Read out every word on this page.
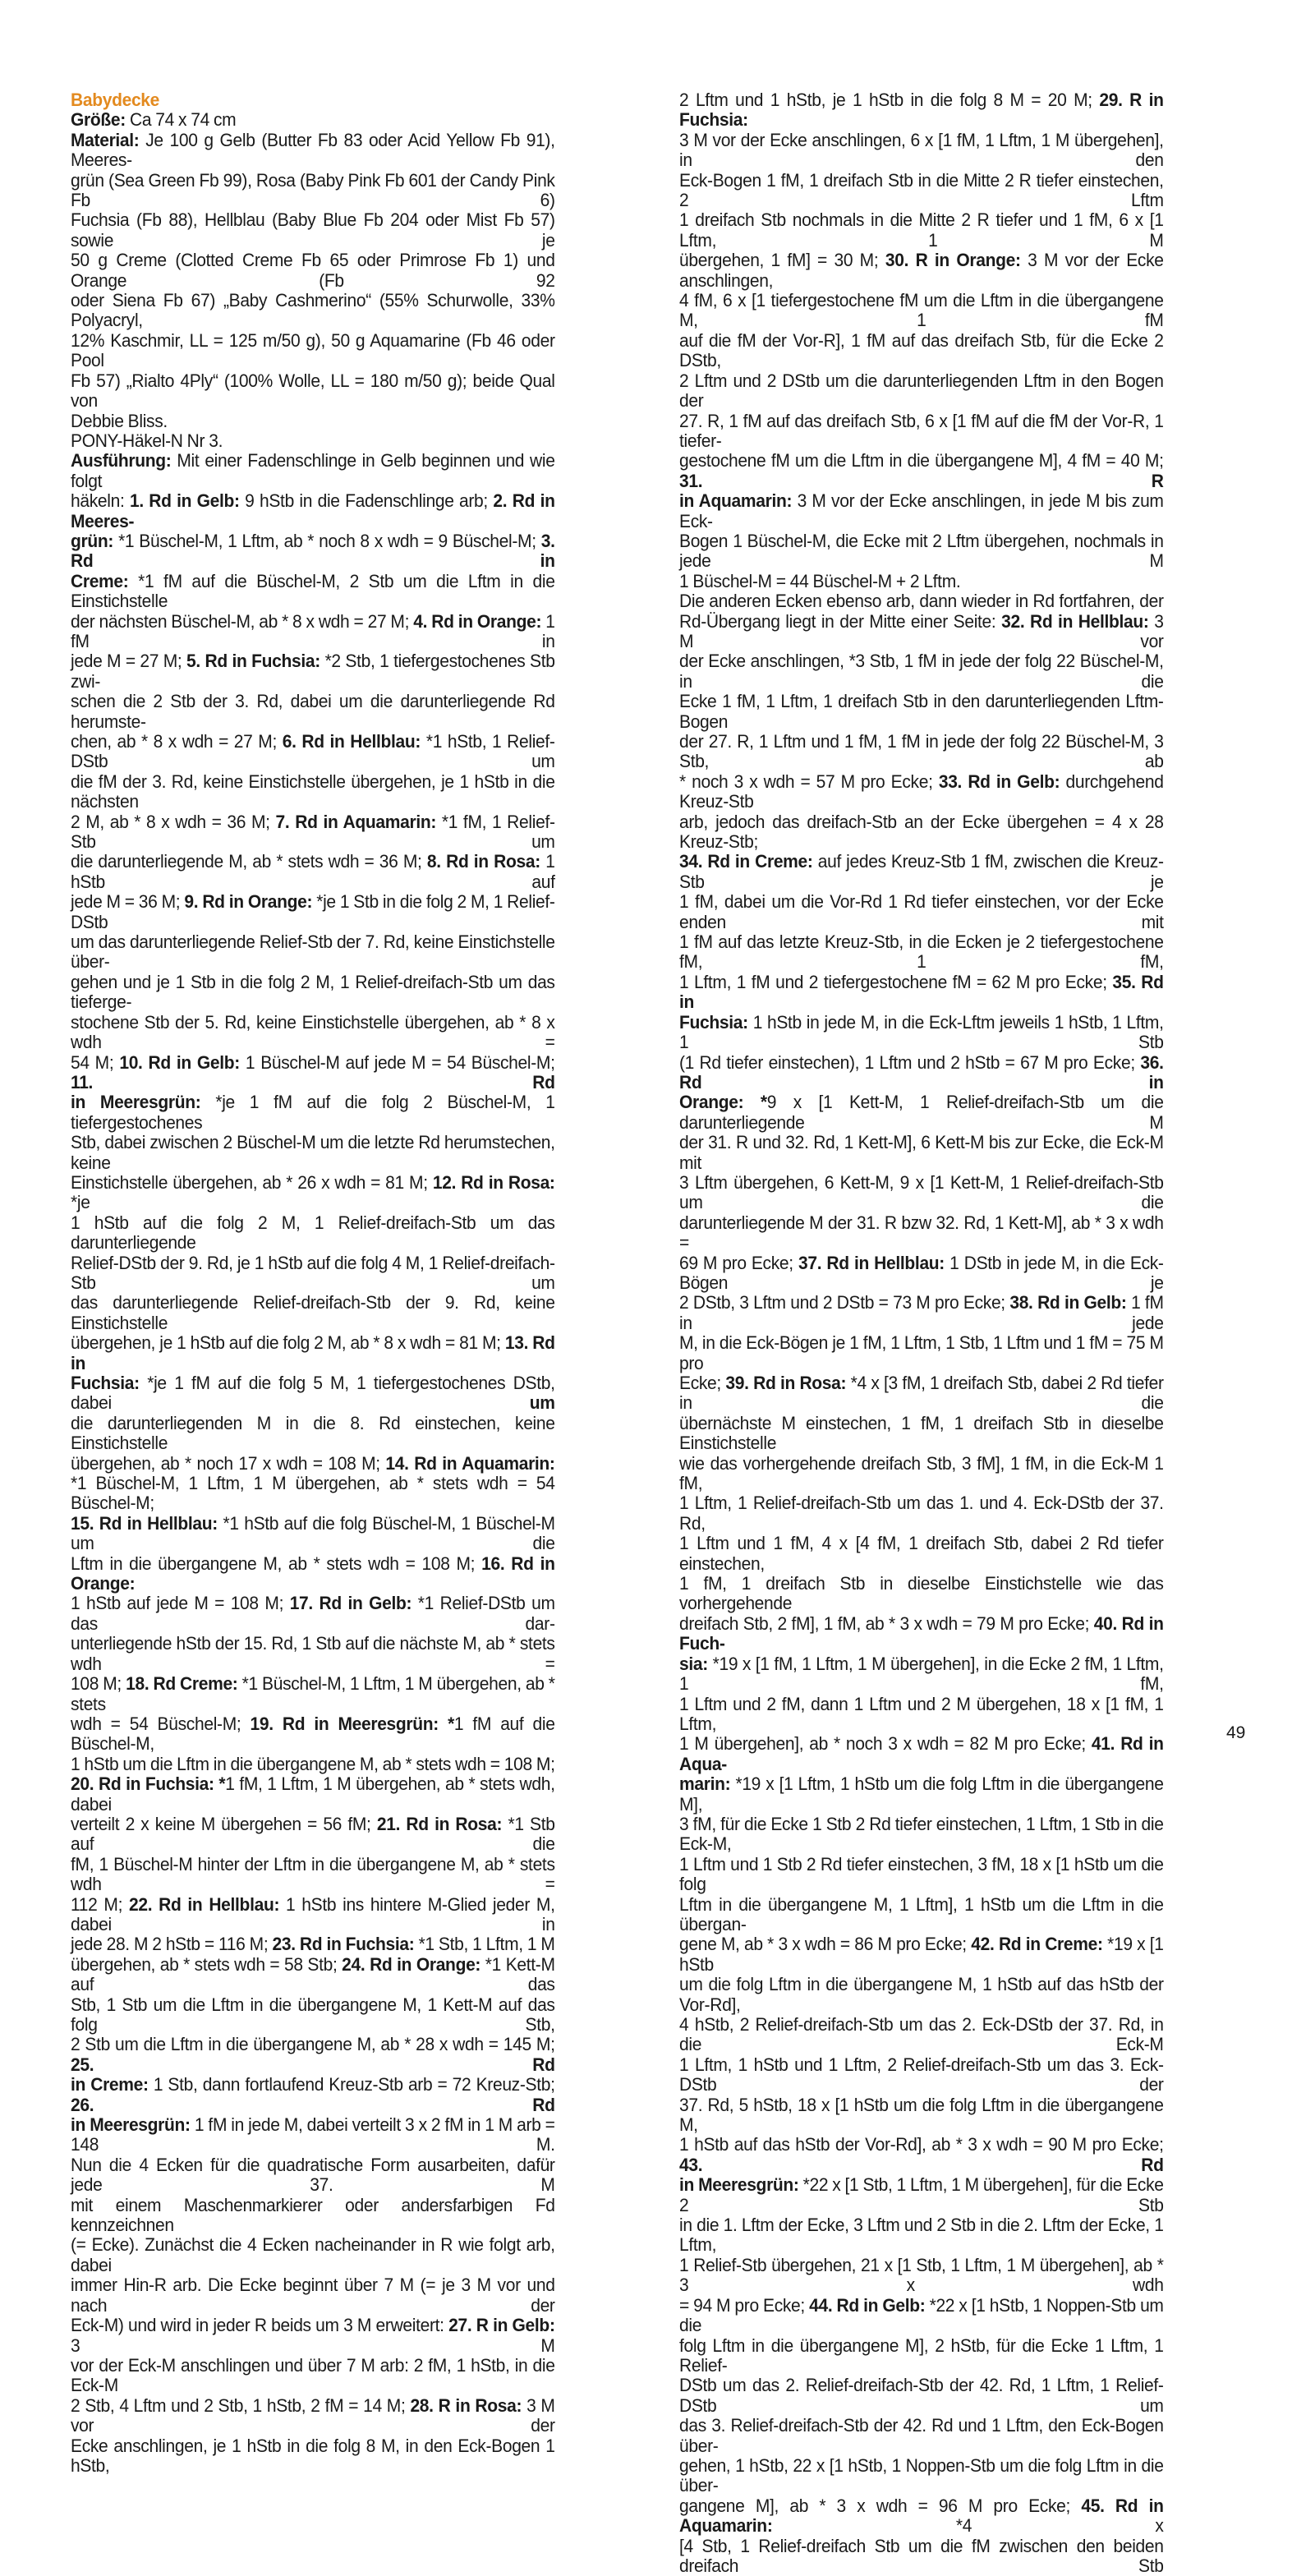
Babydecke
Größe: Ca 74 x 74 cm
Material: Je 100 g Gelb (Butter Fb 83 oder Acid Yellow Fb 91), Meeres-
grün (Sea Green Fb 99), Rosa (Baby Pink Fb 601 der Candy Pink Fb 6)
Fuchsia (Fb 88), Hellblau (Baby Blue Fb 204 oder Mist Fb 57) sowie je
50 g Creme (Clotted Creme Fb 65 oder Primrose Fb 1) und Orange (Fb 92
oder Siena Fb 67) „Baby Cashmerino“ (55% Schurwolle, 33% Polyacryl,
12% Kaschmir, LL = 125 m/50 g), 50 g Aquamarine (Fb 46 oder Pool
Fb 57) „Rialto 4Ply“ (100% Wolle, LL = 180 m/50 g); beide Qual von
Debbie Bliss.
PONY-Häkel-N Nr 3.
Ausführung: Mit einer Fadenschlinge in Gelb beginnen und wie folgt
häkeln: 1. Rd in Gelb: 9 hStb in die Fadenschlinge arb; 2. Rd in Meeres-
grün: *1 Büschel-M, 1 Lftm, ab * noch 8 x wdh = 9 Büschel-M; 3. Rd in
Creme: *1 fM auf die Büschel-M, 2 Stb um die Lftm in die Einstichstelle
der nächsten Büschel-M, ab * 8 x wdh = 27 M; 4. Rd in Orange: 1 fM in
jede M = 27 M; 5. Rd in Fuchsia: *2 Stb, 1 tiefergestochenes Stb zwi-
schen die 2 Stb der 3. Rd, dabei um die darunterliegende Rd herumste-
chen, ab * 8 x wdh = 27 M; 6. Rd in Hellblau: *1 hStb, 1 Relief-DStb um
die fM der 3. Rd, keine Einstichstelle übergehen, je 1 hStb in die nächsten
2 M, ab * 8 x wdh = 36 M; 7. Rd in Aquamarin: *1 fM, 1 Relief-Stb um
die darunterliegende M, ab * stets wdh = 36 M; 8. Rd in Rosa: 1 hStb auf
jede M = 36 M; 9. Rd in Orange: *je 1 Stb in die folg 2 M, 1 Relief-DStb
um das darunterliegende Relief-Stb der 7. Rd, keine Einstichstelle über-
gehen und je 1 Stb in die folg 2 M, 1 Relief-dreifach-Stb um das tieferge-
stochene Stb der 5. Rd, keine Einstichstelle übergehen, ab * 8 x wdh =
54 M; 10. Rd in Gelb: 1 Büschel-M auf jede M = 54 Büschel-M; 11. Rd
in Meeresgrün: *je 1 fM auf die folg 2 Büschel-M, 1 tiefergestochenes
Stb, dabei zwischen 2 Büschel-M um die letzte Rd herumstechen, keine
Einstichstelle übergehen, ab * 26 x wdh = 81 M; 12. Rd in Rosa: *je
1 hStb auf die folg 2 M, 1 Relief-dreifach-Stb um das darunterliegende
Relief-DStb der 9. Rd, je 1 hStb auf die folg 4 M, 1 Relief-dreifach-Stb um
das darunterliegende Relief-dreifach-Stb der 9. Rd, keine Einstichstelle
übergehen, je 1 hStb auf die folg 2 M, ab * 8 x wdh = 81 M; 13. Rd in
Fuchsia: *je 1 fM auf die folg 5 M, 1 tiefergestochenes DStb, dabei um
die darunterliegenden M in die 8. Rd einstechen, keine Einstichstelle
übergehen, ab * noch 17 x wdh = 108 M; 14. Rd in Aquamarin:
*1 Büschel-M, 1 Lftm, 1 M übergehen, ab * stets wdh = 54 Büschel-M;
15. Rd in Hellblau: *1 hStb auf die folg Büschel-M, 1 Büschel-M um die
Lftm in die übergangene M, ab * stets wdh = 108 M; 16. Rd in Orange:
1 hStb auf jede M = 108 M; 17. Rd in Gelb: *1 Relief-DStb um das dar-
unterliegende hStb der 15. Rd, 1 Stb auf die nächste M, ab * stets wdh =
108 M; 18. Rd Creme: *1 Büschel-M, 1 Lftm, 1 M übergehen, ab * stets
wdh = 54 Büschel-M; 19. Rd in Meeresgrün: *1 fM auf die Büschel-M,
1 hStb um die Lftm in die übergangene M, ab * stets wdh = 108 M;
20. Rd in Fuchsia: *1 fM, 1 Lftm, 1 M übergehen, ab * stets wdh, dabei
verteilt 2 x keine M übergehen = 56 fM; 21. Rd in Rosa: *1 Stb auf die
fM, 1 Büschel-M hinter der Lftm in die übergangene M, ab * stets wdh =
112 M; 22. Rd in Hellblau: 1 hStb ins hintere M-Glied jeder M, dabei in
jede 28. M 2 hStb = 116 M; 23. Rd in Fuchsia: *1 Stb, 1 Lftm, 1 M
übergehen, ab * stets wdh = 58 Stb; 24. Rd in Orange: *1 Kett-M auf das
Stb, 1 Stb um die Lftm in die übergangene M, 1 Kett-M auf das folg Stb,
2 Stb um die Lftm in die übergangene M, ab * 28 x wdh = 145 M; 25. Rd
in Creme: 1 Stb, dann fortlaufend Kreuz-Stb arb = 72 Kreuz-Stb; 26. Rd
in Meeresgrün: 1 fM in jede M, dabei verteilt 3 x 2 fM in 1 M arb = 148 M.
Nun die 4 Ecken für die quadratische Form ausarbeiten, dafür jede 37. M
mit einem Maschenmarkierer oder andersfarbigen Fd kennzeichnen
(= Ecke). Zunächst die 4 Ecken nacheinander in R wie folgt arb, dabei
immer Hin-R arb. Die Ecke beginnt über 7 M (= je 3 M vor und nach der
Eck-M) und wird in jeder R beids um 3 M erweitert: 27. R in Gelb: 3 M
vor der Eck-M anschlingen und über 7 M arb: 2 fM, 1 hStb, in die Eck-M
2 Stb, 4 Lftm und 2 Stb, 1 hStb, 2 fM = 14 M; 28. R in Rosa: 3 M vor der
Ecke anschlingen, je 1 hStb in die folg 8 M, in den Eck-Bogen 1 hStb,
2 Lftm und 1 hStb, je 1 hStb in die folg 8 M = 20 M; 29. R in Fuchsia:
3 M vor der Ecke anschlingen, 6 x [1 fM, 1 Lftm, 1 M übergehen], in den
Eck-Bogen 1 fM, 1 dreifach Stb in die Mitte 2 R tiefer einstechen, 2 Lftm
1 dreifach Stb nochmals in die Mitte 2 R tiefer und 1 fM, 6 x [1 Lftm, 1 M
übergehen, 1 fM] = 30 M; 30. R in Orange: 3 M vor der Ecke anschlingen,
4 fM, 6 x [1 tiefergestochene fM um die Lftm in die übergangene M, 1 fM
auf die fM der Vor-R], 1 fM auf das dreifach Stb, für die Ecke 2 DStb,
2 Lftm und 2 DStb um die darunterliegenden Lftm in den Bogen der
27. R, 1 fM auf das dreifach Stb, 6 x [1 fM auf die fM der Vor-R, 1 tiefer-
gestochene fM um die Lftm in die übergangene M], 4 fM = 40 M; 31. R
in Aquamarin: 3 M vor der Ecke anschlingen, in jede M bis zum Eck-
Bogen 1 Büschel-M, die Ecke mit 2 Lftm übergehen, nochmals in jede M
1 Büschel-M = 44 Büschel-M + 2 Lftm.
Die anderen Ecken ebenso arb, dann wieder in Rd fortfahren, der
Rd-Übergang liegt in der Mitte einer Seite: 32. Rd in Hellblau: 3 M vor
der Ecke anschlingen, *3 Stb, 1 fM in jede der folg 22 Büschel-M, in die
Ecke 1 fM, 1 Lftm, 1 dreifach Stb in den darunterliegenden Lftm-Bogen
der 27. R, 1 Lftm und 1 fM, 1 fM in jede der folg 22 Büschel-M, 3 Stb, ab
* noch 3 x wdh = 57 M pro Ecke; 33. Rd in Gelb: durchgehend Kreuz-Stb
arb, jedoch das dreifach-Stb an der Ecke übergehen = 4 x 28 Kreuz-Stb;
34. Rd in Creme: auf jedes Kreuz-Stb 1 fM, zwischen die Kreuz-Stb je
1 fM, dabei um die Vor-Rd 1 Rd tiefer einstechen, vor der Ecke enden mit
1 fM auf das letzte Kreuz-Stb, in die Ecken je 2 tiefergestochene fM, 1 fM,
1 Lftm, 1 fM und 2 tiefergestochene fM = 62 M pro Ecke; 35. Rd in
Fuchsia: 1 hStb in jede M, in die Eck-Lftm jeweils 1 hStb, 1 Lftm, 1 Stb
(1 Rd tiefer einstechen), 1 Lftm und 2 hStb = 67 M pro Ecke; 36. Rd in
Orange: *9 x [1 Kett-M, 1 Relief-dreifach-Stb um die darunterliegende M
der 31. R und 32. Rd, 1 Kett-M], 6 Kett-M bis zur Ecke, die Eck-M mit
3 Lftm übergehen, 6 Kett-M, 9 x [1 Kett-M, 1 Relief-dreifach-Stb um die
darunterliegende M der 31. R bzw 32. Rd, 1 Kett-M], ab * 3 x wdh =
69 M pro Ecke; 37. Rd in Hellblau: 1 DStb in jede M, in die Eck-Bögen je
2 DStb, 3 Lftm und 2 DStb = 73 M pro Ecke; 38. Rd in Gelb: 1 fM in jede
M, in die Eck-Bögen je 1 fM, 1 Lftm, 1 Stb, 1 Lftm und 1 fM = 75 M pro
Ecke; 39. Rd in Rosa: *4 x [3 fM, 1 dreifach Stb, dabei 2 Rd tiefer in die
übernächste M einstechen, 1 fM, 1 dreifach Stb in dieselbe Einstichstelle
wie das vorhergehende dreifach Stb, 3 fM], 1 fM, in die Eck-M 1 fM,
1 Lftm, 1 Relief-dreifach-Stb um das 1. und 4. Eck-DStb der 37. Rd,
1 Lftm und 1 fM, 4 x [4 fM, 1 dreifach Stb, dabei 2 Rd tiefer einstechen,
1 fM, 1 dreifach Stb in dieselbe Einstichstelle wie das vorhergehende
dreifach Stb, 2 fM], 1 fM, ab * 3 x wdh = 79 M pro Ecke; 40. Rd in Fuch-
sia: *19 x [1 fM, 1 Lftm, 1 M übergehen], in die Ecke 2 fM, 1 Lftm, 1 fM,
1 Lftm und 2 fM, dann 1 Lftm und 2 M übergehen, 18 x [1 fM, 1 Lftm,
1 M übergehen], ab * noch 3 x wdh = 82 M pro Ecke; 41. Rd in Aqua-
marin: *19 x [1 Lftm, 1 hStb um die folg Lftm in die übergangene M],
3 fM, für die Ecke 1 Stb 2 Rd tiefer einstechen, 1 Lftm, 1 Stb in die Eck-M,
1 Lftm und 1 Stb 2 Rd tiefer einstechen, 3 fM, 18 x [1 hStb um die folg
Lftm in die übergangene M, 1 Lftm], 1 hStb um die Lftm in die übergan-
gene M, ab * 3 x wdh = 86 M pro Ecke; 42. Rd in Creme: *19 x [1 hStb
um die folg Lftm in die übergangene M, 1 hStb auf das hStb der Vor-Rd],
4 hStb, 2 Relief-dreifach-Stb um das 2. Eck-DStb der 37. Rd, in die Eck-M
1 Lftm, 1 hStb und 1 Lftm, 2 Relief-dreifach-Stb um das 3. Eck-DStb der
37. Rd, 5 hStb, 18 x [1 hStb um die folg Lftm in die übergangene M,
1 hStb auf das hStb der Vor-Rd], ab * 3 x wdh = 90 M pro Ecke; 43. Rd
in Meeresgrün: *22 x [1 Stb, 1 Lftm, 1 M übergehen], für die Ecke 2 Stb
in die 1. Lftm der Ecke, 3 Lftm und 2 Stb in die 2. Lftm der Ecke, 1 Lftm,
1 Relief-Stb übergehen, 21 x [1 Stb, 1 Lftm, 1 M übergehen], ab * 3 x wdh
= 94 M pro Ecke; 44. Rd in Gelb: *22 x [1 hStb, 1 Noppen-Stb um die
folg Lftm in die übergangene M], 2 hStb, für die Ecke 1 Lftm, 1 Relief-
DStb um das 2. Relief-dreifach-Stb der 42. Rd, 1 Lftm, 1 Relief-DStb um
das 3. Relief-dreifach-Stb der 42. Rd und 1 Lftm, den Eck-Bogen über-
gehen, 1 hStb, 22 x [1 hStb, 1 Noppen-Stb um die folg Lftm in die über-
gangene M], ab * 3 x wdh = 96 M pro Ecke; 45. Rd in Aquamarin: *4 x
[4 Stb, 1 Relief-dreifach Stb um die fM zwischen den beiden dreifach Stb
49
